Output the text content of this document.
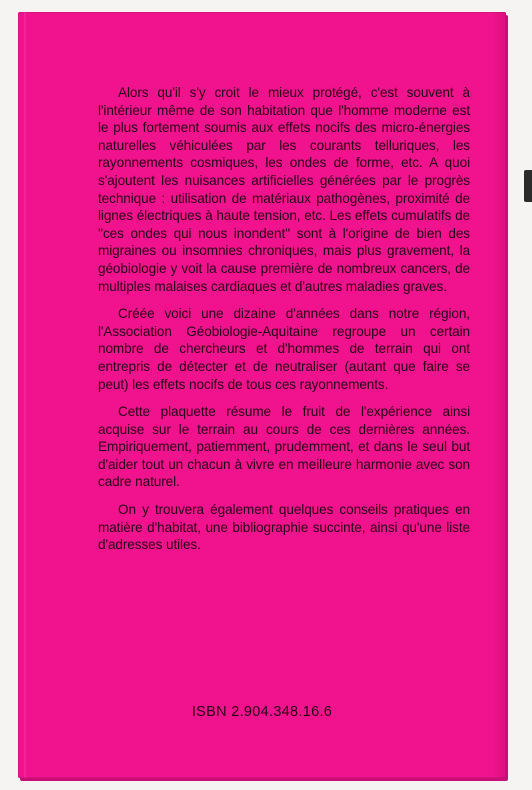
Alors qu'il s'y croit le mieux protégé, c'est souvent à l'intérieur même de son habitation que l'homme moderne est le plus fortement soumis aux effets nocifs des micro-énergies naturelles véhiculées par les courants telluriques, les rayonnements cosmiques, les ondes de forme, etc. A quoi s'ajoutent les nuisances artificielles générées par le progrès technique : utilisation de matériaux pathogènes, proximité de lignes électriques à haute tension, etc. Les effets cumulatifs de ''ces ondes qui nous inondent'' sont à l'origine de bien des migraines ou insomnies chroniques, mais plus gravement, la géobiologie y voit la cause première de nombreux cancers, de multiples malaises cardiaques et d'autres maladies graves.

Créée voici une dizaine d'années dans notre région, l'Association Géobiologie-Aquitaine regroupe un certain nombre de chercheurs et d'hommes de terrain qui ont entrepris de détecter et de neutraliser (autant que faire se peut) les effets nocifs de tous ces rayonnements.

Cette plaquette résume le fruit de l'expérience ainsi acquise sur le terrain au cours de ces dernières années. Empiriquement, patiemment, prudemment, et dans le seul but d'aider tout un chacun à vivre en meilleure harmonie avec son cadre naturel.

On y trouvera également quelques conseils pratiques en matière d'habitat, une bibliographie succinte, ainsi qu'une liste d'adresses utiles.

ISBN 2.904.348.16.6
